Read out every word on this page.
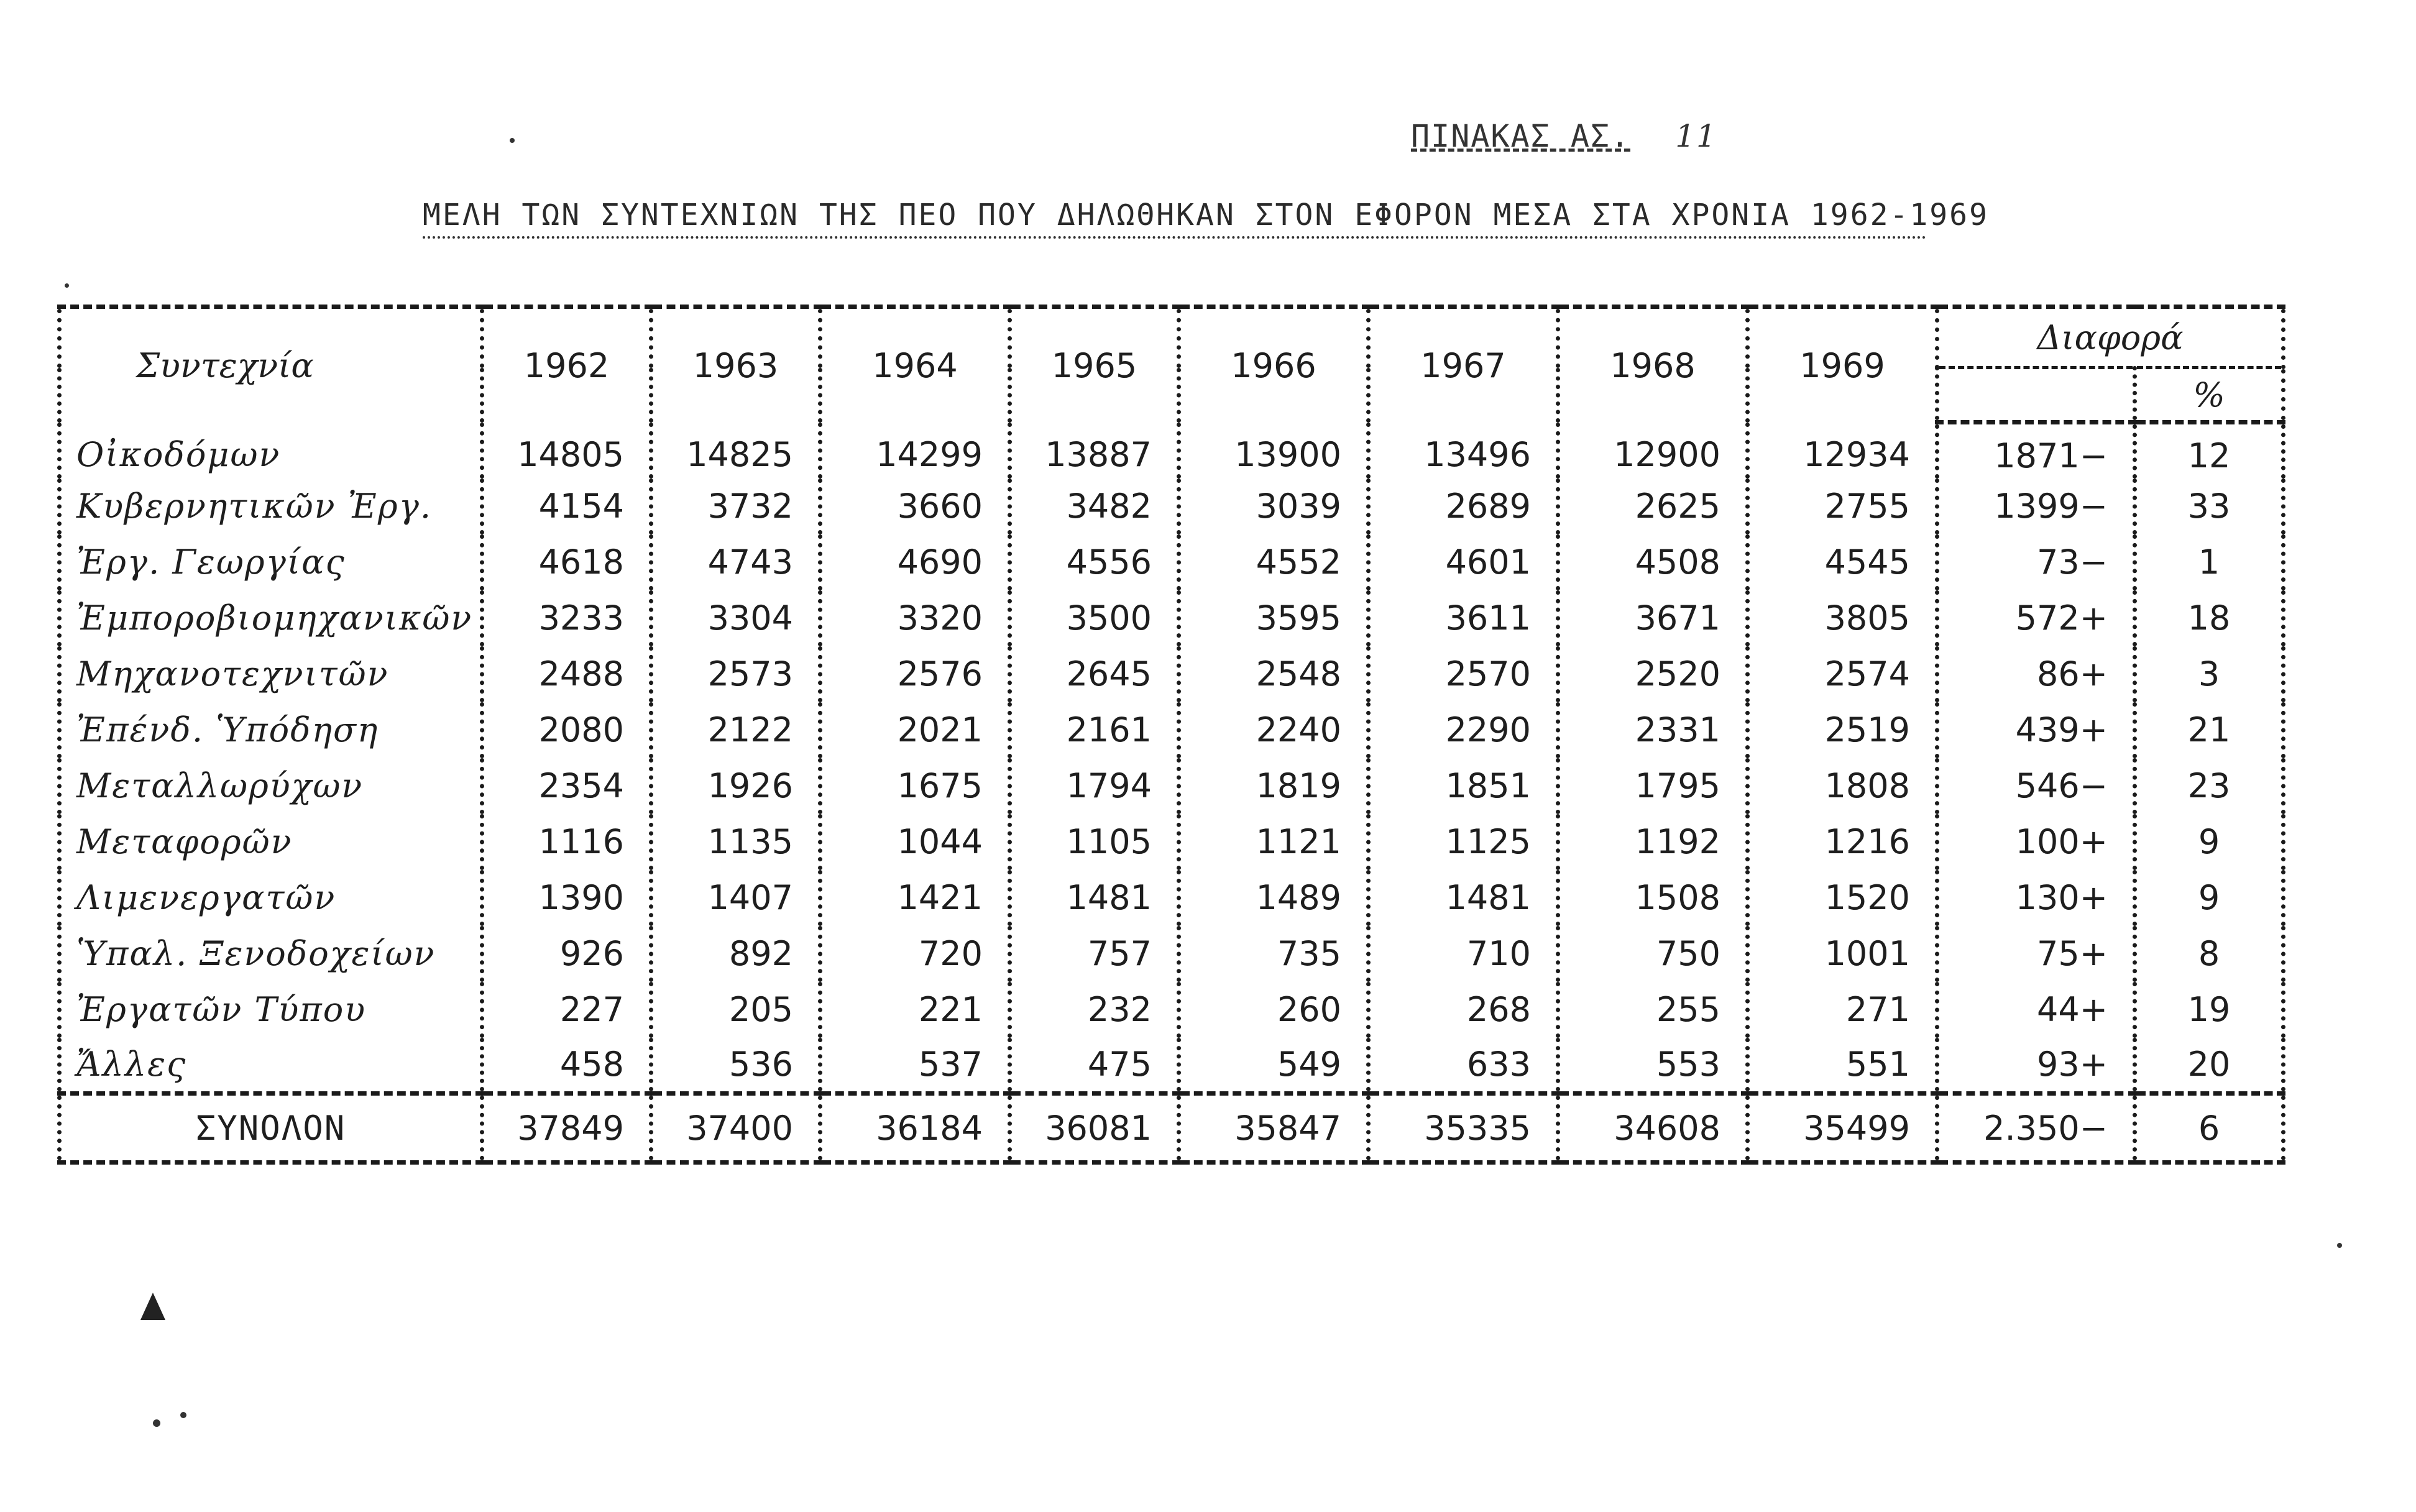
ΠΙΝΑΚΑΣ ΑΣ. 11
ΜΕΛΗ ΤΩΝ ΣΥΝΤΕΧΝΙΩΝ ΤΗΣ ΠΕΟ ΠΟΥ ΔΗΛΩΘΗΚΑΝ ΣΤΟΝ ΕΦΟΡΟΝ ΜΕΣΑ ΣΤΑ ΧΡΟΝΙΑ 1962-1969
Συντεχνία	1962	1963	1964	1965	1966	1967	1968	1969	Διαφορά	
										%
Οἰκοδόμων	14805	14825	14299	13887	13900	13496	12900	12934	1871−	12
Κυβερνητικῶν Ἐργ.	4154	3732	3660	3482	3039	2689	2625	2755	1399−	33
Ἐργ. Γεωργίας	4618	4743	4690	4556	4552	4601	4508	4545	73−	1
Ἐμποροβιομηχανικῶν	3233	3304	3320	3500	3595	3611	3671	3805	572+	18
Μηχανοτεχνιτῶν	2488	2573	2576	2645	2548	2570	2520	2574	86+	3
Ἐπένδ. Ὑπόδηση	2080	2122	2021	2161	2240	2290	2331	2519	439+	21
Μεταλλωρύχων	2354	1926	1675	1794	1819	1851	1795	1808	546−	23
Μεταφορῶν	1116	1135	1044	1105	1121	1125	1192	1216	100+	9
Λιμενεργατῶν	1390	1407	1421	1481	1489	1481	1508	1520	130+	9
Ὑπαλ. Ξενοδοχείων	926	892	720	757	735	710	750	1001	75+	8
Ἐργατῶν Τύπου	227	205	221	232	260	268	255	271	44+	19
Ἄλλες	458	536	537	475	549	633	553	551	93+	20
ΣΥΝΟΛΟΝ	37849	37400	36184	36081	35847	35335	34608	35499	2.350−	6
